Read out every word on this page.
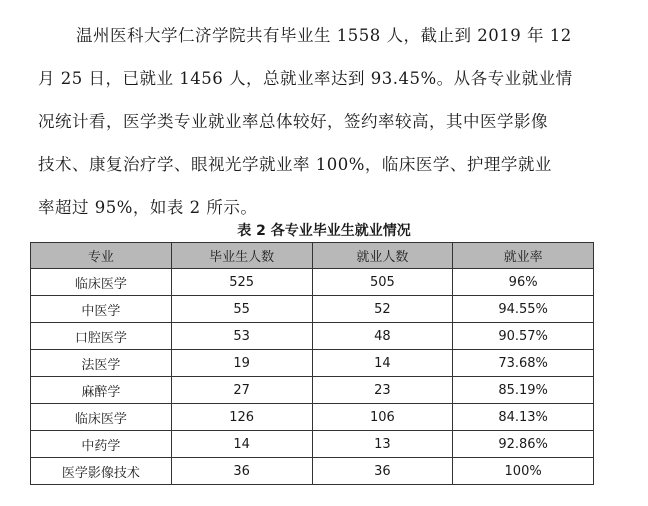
温州医科大学仁济学院共有毕业生 1558 人，截止到 2019 年 12
月 25 日，已就业 1456 人，总就业率达到 93.45%。从各专业就业情
况统计看，医学类专业就业率总体较好，签约率较高，其中医学影像
技术、康复治疗学、眼视光学就业率 100%，临床医学、护理学就业
率超过 95%，如表 2 所示。
表 2 各专业毕业生就业情况
专业	毕业生人数	就业人数	就业率
临床医学	525	505	96%
中医学	55	52	94.55%
口腔医学	53	48	90.57%
法医学	19	14	73.68%
麻醉学	27	23	85.19%
临床医学	126	106	84.13%
中药学	14	13	92.86%
医学影像技术	36	36	100%
